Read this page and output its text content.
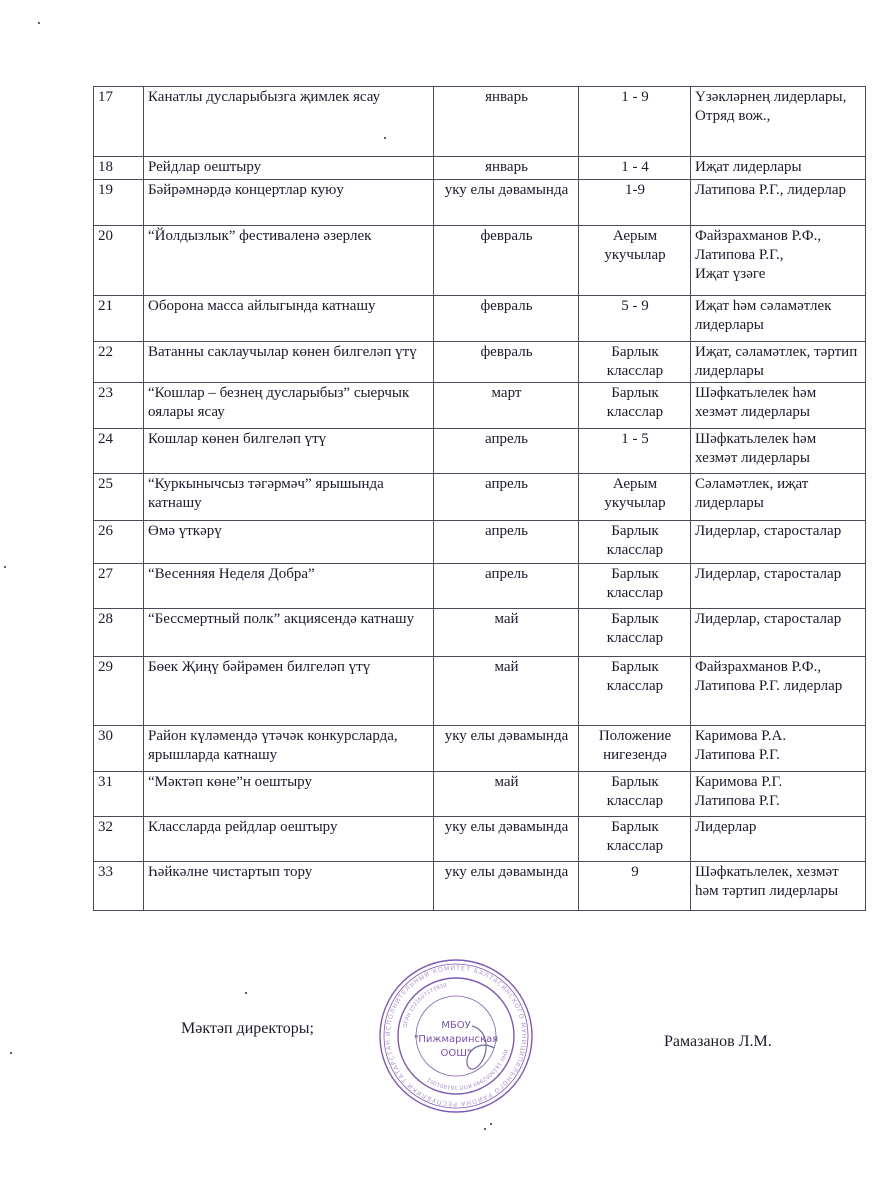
17	Канатлы дусларыбызга җимлек ясау	январь	1 - 9	Үзәкләрнең лидерлары,
Отряд вож.,
18	Рейдлар оештыру	январь	1 - 4	Иҗат лидерлары
19	Бәйрәмнәрдә концертлар куюу	уку елы дәвамында	1-9	Латипова Р.Г., лидерлар
20	“Йолдызлык” фестиваленә әзерлек	февраль	Аерым укучылар	Файзрахманов Р.Ф., Латипова Р.Г.,
Иҗат үзәге
21	Оборона масса айлыгында катнашу	февраль	5 - 9	Иҗат һәм сәламәтлек лидерлары
22	Ватанны саклаучылар көнен билгеләп үтү	февраль	Барлык класслар	Иҗат, сәламәтлек, тәртип лидерлары
23	“Кошлар – безнең дусларыбыз” сыерчык оялары ясау	март	Барлык класслар	Шәфкатьлелек һәм хезмәт лидерлары
24	Кошлар көнен билгеләп үтү	апрель	1 - 5	Шәфкатьлелек һәм хезмәт лидерлары
25	“Куркынычсыз тәгәрмәч” ярышында катнашу	апрель	Аерым укучылар	Сәламәтлек, иҗат лидерлары
26	Өмә үткәрү	апрель	Барлык класслар	Лидерлар, старосталар
27	“Весенняя Неделя Добра”	апрель	Барлык класслар	Лидерлар, старосталар
28	“Бессмертный полк” акциясендә катнашу	май	Барлык класслар	Лидерлар, старосталар
29	Бөек Җиңү бәйрәмен билгеләп үтү	май	Барлык класслар	Файзрахманов Р.Ф., Латипова Р.Г. лидерлар
30	Район күләмендә үтәчәк конкурсларда, ярышларда катнашу	уку елы дәвамында	Положение нигезендә	Каримова Р.А.
Латипова Р.Г.
31	“Мәктәп көне”н оештыру	май	Барлык класслар	Каримова Р.Г.
Латипова Р.Г.
32	Классларда рейдлар оештыру	уку елы дәвамында	Барлык класслар	Лидерлар
33	Һәйкәлне чистартып тору	уку елы дәвамында	9	Шәфкатьлелек, хезмәт һәм тәртип лидерлары
Мәктәп директоры;
Рамазанов Л.М.
ИСПОЛНИТЕЛЬНЫЙ КОМИТЕТ БАЛТАСИНСКОГО МУНИЦИПАЛЬНОГО РАЙОНА РЕСПУБЛИКИ ТАТАРСТАН
ОГРН 1021607173930
ИНН 1619002999 КПП 161901001
МБОУ
"Пижмаринская
ООШ"
